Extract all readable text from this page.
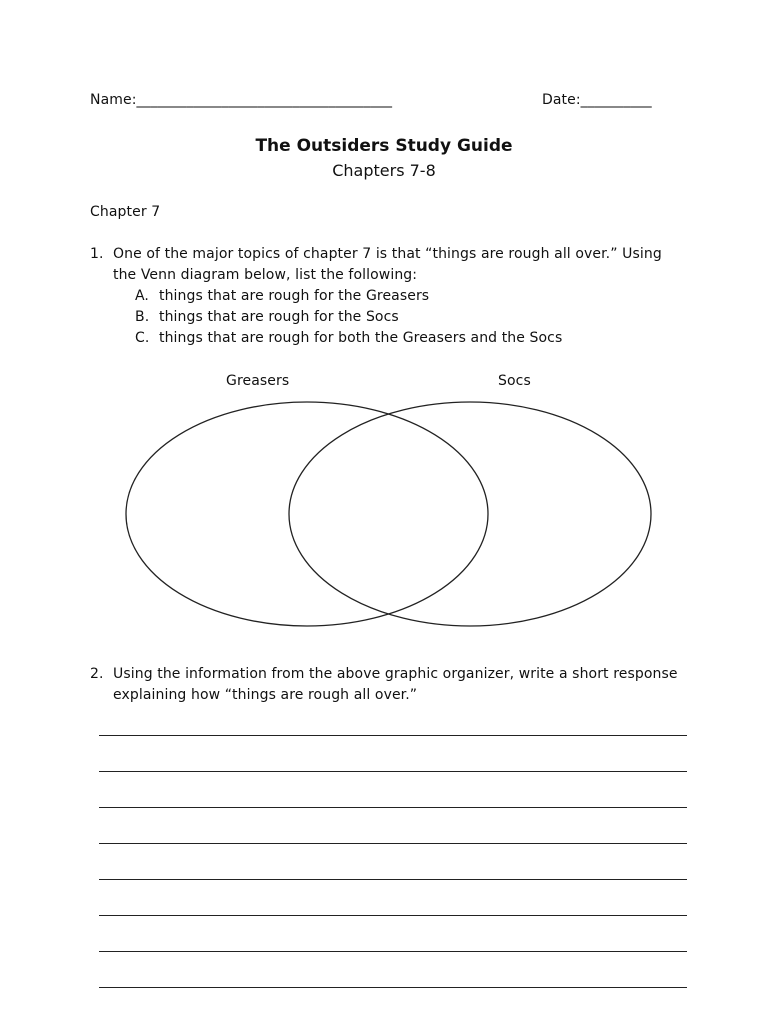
Name:____________________________________	Date:__________
The Outsiders Study Guide
Chapters 7-8
Chapter 7
1. One of the major topics of chapter 7 is that “things are rough all over.” Using
the Venn diagram below, list the following:
A. things that are rough for the Greasers
B. things that are rough for the Socs
C. things that are rough for both the Greasers and the Socs
Greasers	Socs
2. Using the information from the above graphic organizer, write a short response
explaining how “things are rough all over.”
